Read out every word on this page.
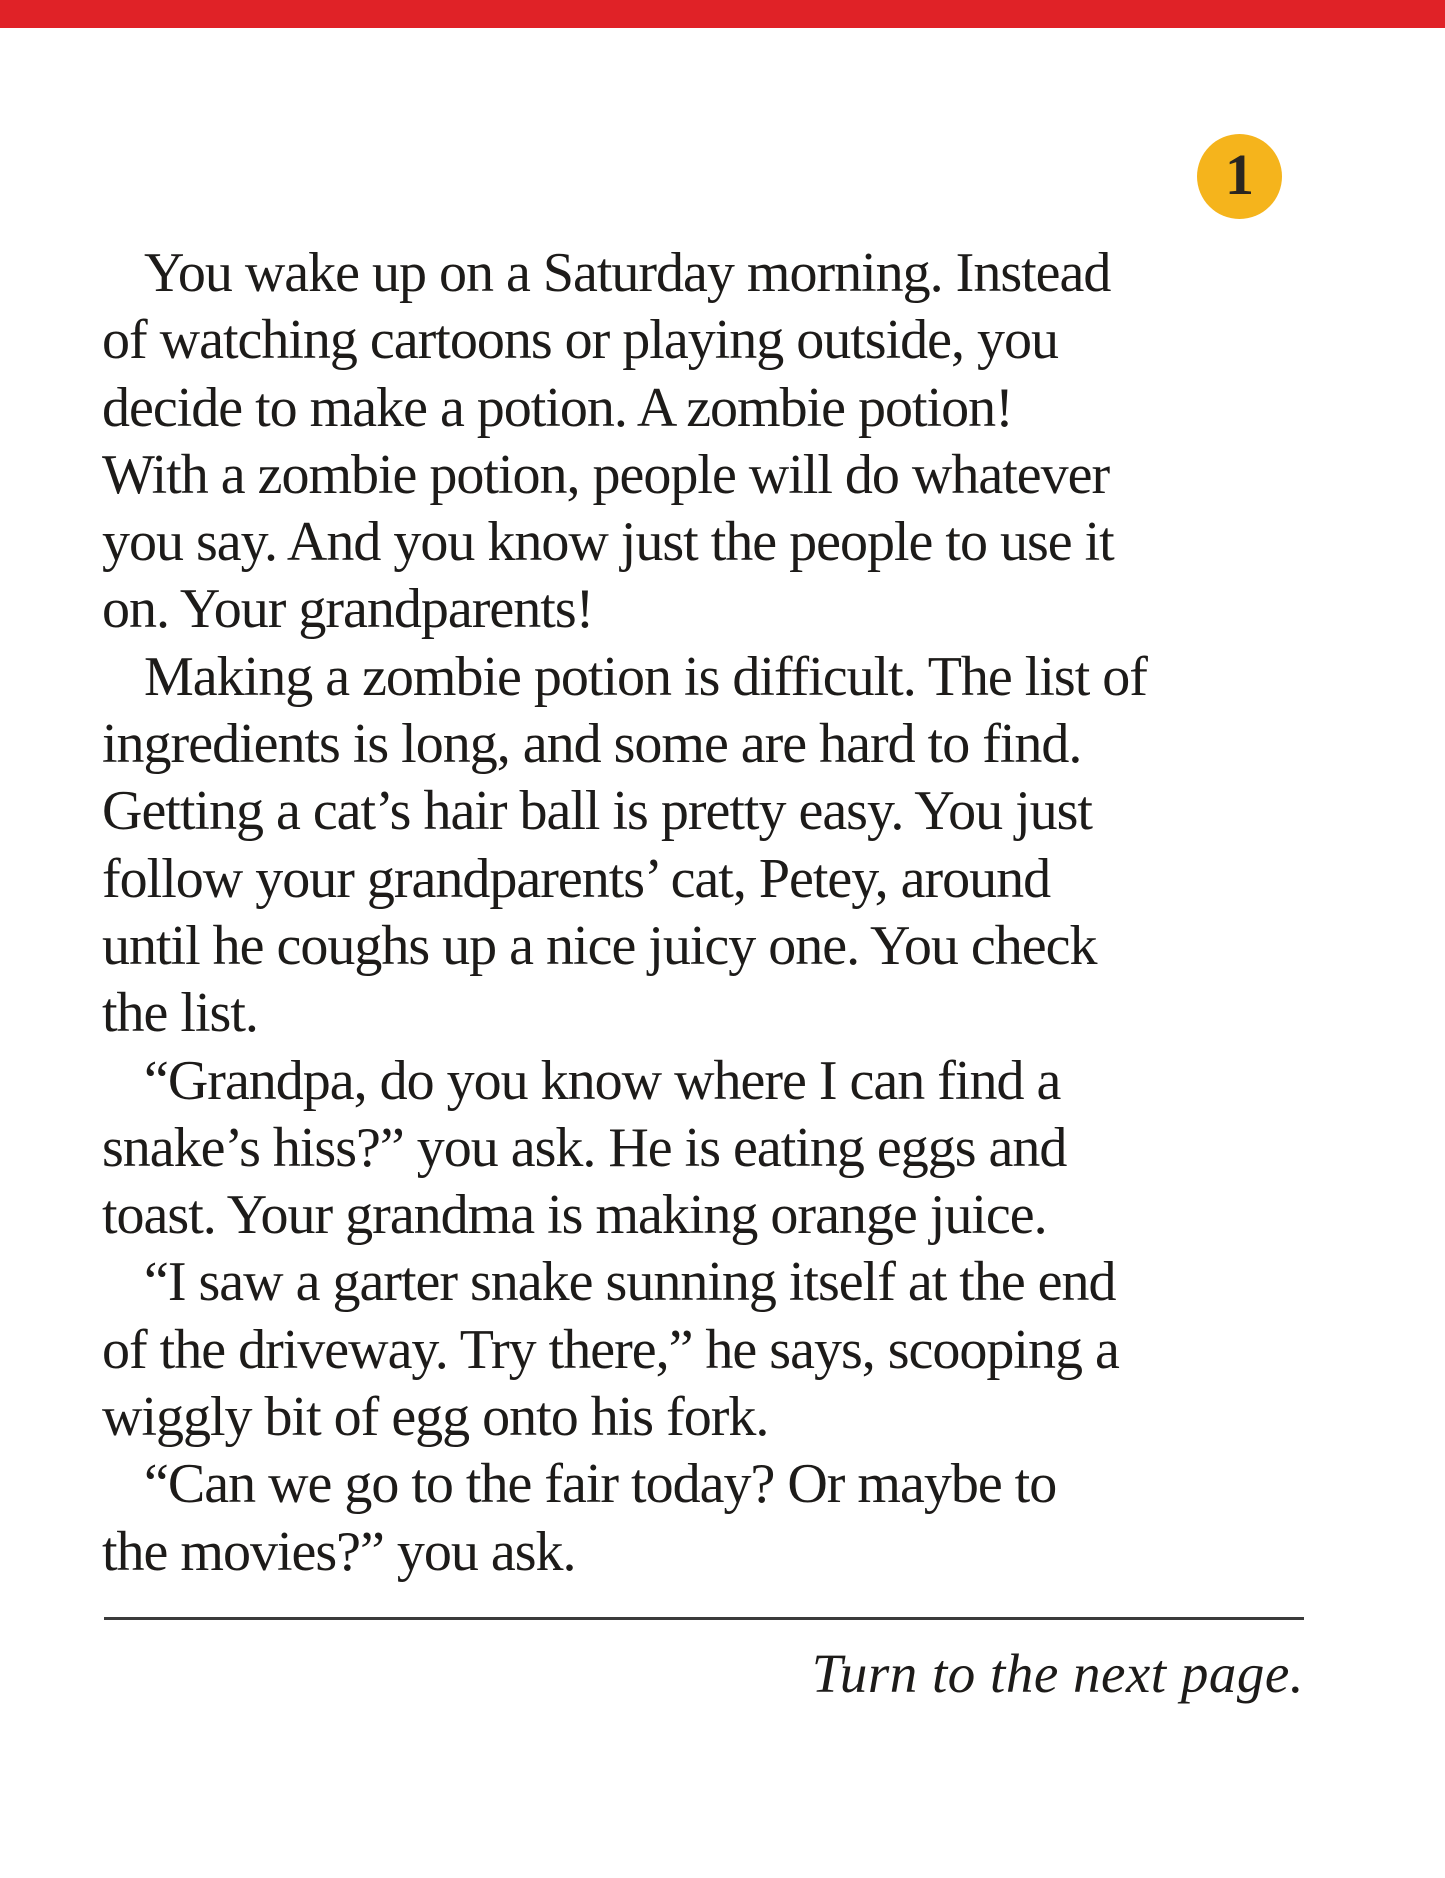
1
You wake up on a Saturday morning. Instead
of watching cartoons or playing outside, you
decide to make a potion. A zombie potion!
With a zombie potion, people will do whatever
you say. And you know just the people to use it
on. Your grandparents!
Making a zombie potion is difficult. The list of
ingredients is long, and some are hard to find.
Getting a cat’s hair ball is pretty easy. You just
follow your grandparents’ cat, Petey, around
until he coughs up a nice juicy one. You check
the list.
“Grandpa, do you know where I can find a
snake’s hiss?” you ask. He is eating eggs and
toast. Your grandma is making orange juice.
“I saw a garter snake sunning itself at the end
of the driveway. Try there,” he says, scooping a
wiggly bit of egg onto his fork.
“Can we go to the fair today? Or maybe to
the movies?” you ask.
Turn to the next page.
